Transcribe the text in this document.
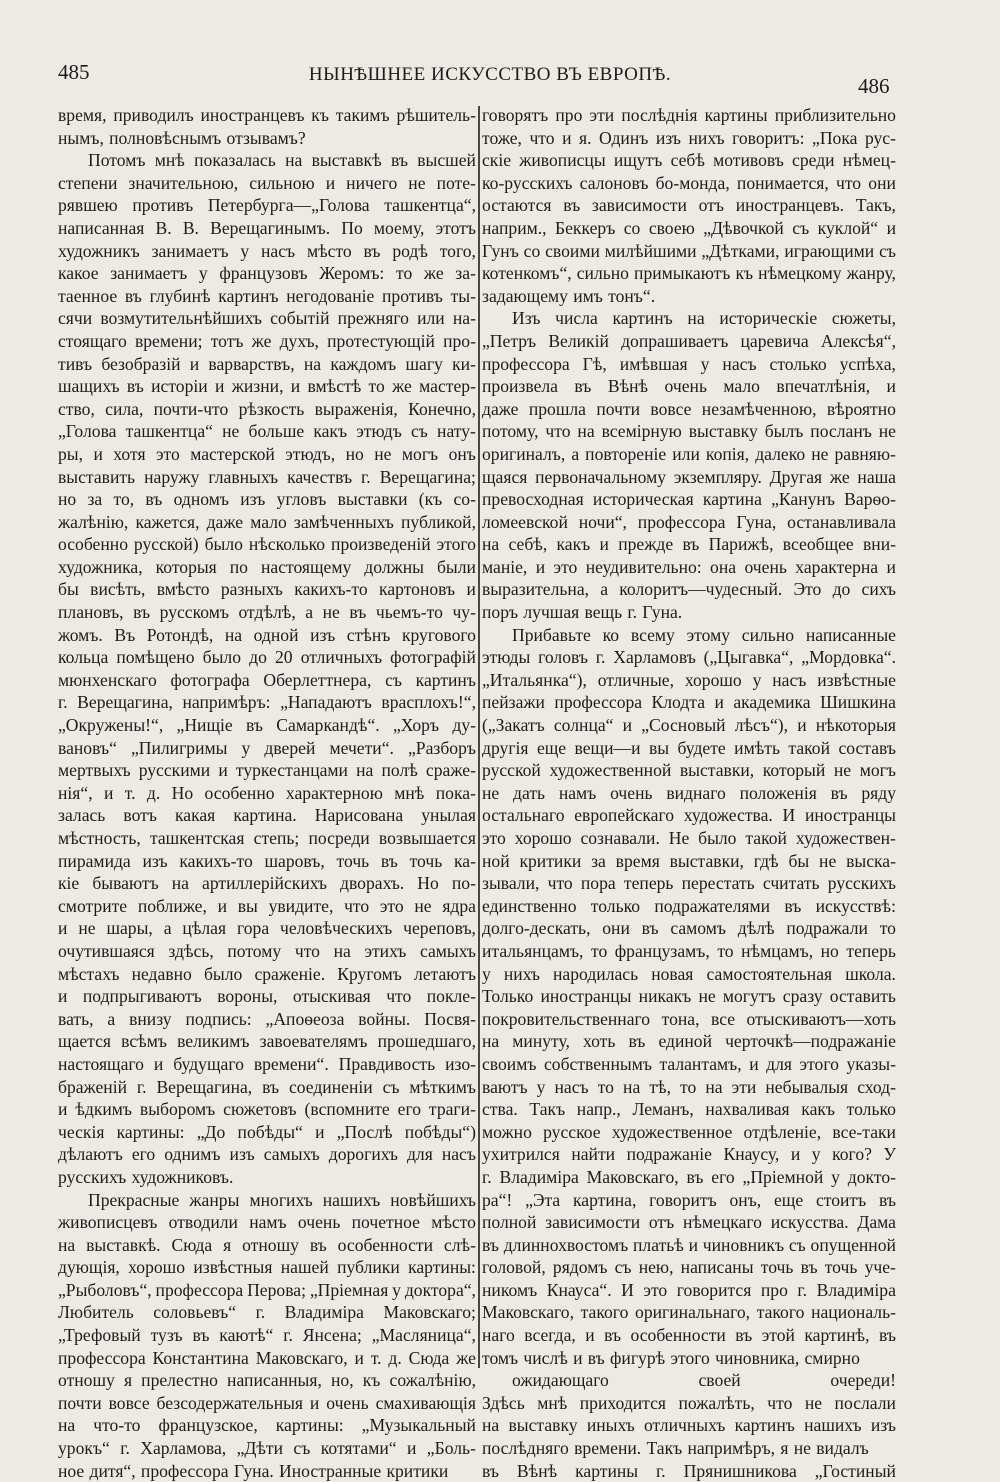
485	НЫНѢШНЕЕ ИСКУССТВО ВЪ ЕВРОПѢ.	486
время, приводилъ иностранцевъ къ такимъ рѣшитель-
нымъ, полновѣснымъ отзывамъ?
Потомъ мнѣ показалась на выставкѣ въ высшей
степени значительною, сильною и ничего не поте-
рявшею противъ Петербурга—„Голова ташкентца“,
написанная В. В. Верещагинымъ. По моему, этотъ
художникъ занимаетъ у насъ мѣсто въ родѣ того,
какое занимаетъ у французовъ Жеромъ: то же за-
таенное въ глубинѣ картинъ негодованіе противъ ты-
сячи возмутительнѣйшихъ событій прежняго или на-
стоящаго времени; тотъ же духъ, протестующій про-
тивъ безобразій и варварствъ, на каждомъ шагу ки-
шащихъ въ исторіи и жизни, и вмѣстѣ то же мастер-
ство, сила, почти-что рѣзкость выраженія, Конечно,
„Голова ташкентца“ не больше какъ этюдъ съ нату-
ры, и хотя это мастерской этюдъ, но не могъ онъ
выставить наружу главныхъ качествъ г. Верещагина;
но за то, въ одномъ изъ угловъ выставки (къ со-
жалѣнію, кажется, даже мало замѣченныхъ публикой,
особенно русской) было нѣсколько произведеній этого
художника, которыя по настоящему должны были
бы висѣть, вмѣсто разныхъ какихъ-то картоновъ и
плановъ, въ русскомъ отдѣлѣ, а не въ чьемъ-то чу-
жомъ. Въ Ротондѣ, на одной изъ стѣнъ кругового
кольца помѣщено было до 20 отличныхъ фотографій
мюнхенскаго фотографа Оберлеттнера, съ картинъ
г. Верещагина, напримѣръ: „Нападаютъ врасплохъ!“,
„Окружены!“, „Нищіе въ Самаркандѣ“. „Хоръ ду-
вановъ“ „Пилигримы у дверей мечети“. „Разборъ
мертвыхъ русскими и туркестанцами на полѣ сраже-
нія“, и т. д. Но особенно характерною мнѣ пока-
залась вотъ какая картина. Нарисована унылая
мѣстность, ташкентская степь; посреди возвышается
пирамида изъ какихъ-то шаровъ, точь въ точь ка-
кіе бываютъ на артиллерійскихъ дворахъ. Но по-
смотрите поближе, и вы увидите, что это не ядра
и не шары, а цѣлая гора человѣческихъ череповъ,
очутившаяся здѣсь, потому что на этихъ самыхъ
мѣстахъ недавно было сраженіе. Кругомъ летаютъ
и подпрыгиваютъ вороны, отыскивая что покле-
вать, а внизу подпись: „Апоѳеоза войны. Посвя-
щается всѣмъ великимъ завоевателямъ прошедшаго,
настоящаго и будущаго времени“. Правдивость изо-
браженій г. Верещагина, въ соединеніи съ мѣткимъ
и ѣдкимъ выборомъ сюжетовъ (вспомните его траги-
ческія картины: „До побѣды“ и „Послѣ побѣды“)
дѣлаютъ его однимъ изъ самыхъ дорогихъ для насъ
русскихъ художниковъ.
Прекрасные жанры многихъ нашихъ новѣйшихъ
живописцевъ отводили намъ очень почетное мѣсто
на выставкѣ. Сюда я отношу въ особенности слѣ-
дующія, хорошо извѣстныя нашей публики картины:
„Рыболовъ“, профессора Перова; „Пріемная у доктора“,
Любитель соловьевъ“ г. Владиміра Маковскаго;
„Трефовый тузъ въ каютѣ“ г. Янсена; „Масляница“,
профессора Константина Маковскаго, и т. д. Сюда же
отношу я прелестно написанныя, но, къ сожалѣнію,
почти вовсе безсодержательныя и очень смахивающія
на что-то французское, картины: „Музыкальный
урокъ“ г. Харламова, „Дѣти съ котятами“ и „Боль-
ное дитя“, профессора Гуна. Иностранные критики
говорятъ про эти послѣднія картины приблизительно
тоже, что и я. Одинъ изъ нихъ говоритъ: „Пока рус-
скіе живописцы ищутъ себѣ мотивовъ среди нѣмец-
ко-русскихъ салоновъ бо-монда, понимается, что они
остаются въ зависимости отъ иностранцевъ. Такъ,
наприм., Беккеръ со своею „Дѣвочкой съ куклой“ и
Гунъ со своими милѣйшими „Дѣтками, играющими съ
котенкомъ“, сильно примыкаютъ къ нѣмецкому жанру,
задающему имъ тонъ“.
Изъ числа картинъ на историческіе сюжеты,
„Петръ Великій допрашиваетъ царевича Алексѣя“,
профессора Гѣ, имѣвшая у насъ столько успѣха,
произвела въ Вѣнѣ очень мало впечатлѣнія, и
даже прошла почти вовсе незамѣченною, вѣроятно
потому, что на всемірную выставку былъ посланъ не
оригиналъ, а повтореніе или копія, далеко не равняю-
щаяся первоначальному экземпляру. Другая же наша
превосходная историческая картина „Канунъ Варѳо-
ломеевской ночи“, профессора Гуна, останавливала
на себѣ, какъ и прежде въ Парижѣ, всеобщее вни-
маніе, и это неудивительно: она очень характерна и
выразительна, а колоритъ—чудесный. Это до сихъ
поръ лучшая вещь г. Гуна.
Прибавьте ко всему этому сильно написанные
этюды головъ г. Харламовъ („Цыгавка“, „Мордовка“.
„Итальянка“), отличные, хорошо у насъ извѣстные
пейзажи профессора Клодта и академика Шишкина
(„Закатъ солнца“ и „Сосновый лѣсъ“), и нѣкоторыя
другія еще вещи—и вы будете имѣть такой составъ
русской художественной выставки, который не могъ
не дать намъ очень виднаго положенія въ ряду
остальнаго европейскаго художества. И иностранцы
это хорошо сознавали. Не было такой художествен-
ной критики за время выставки, гдѣ бы не выска-
зывали, что пора теперь перестать считать русскихъ
единственно только подражателями въ искусствѣ:
долго-дескать, они въ самомъ дѣлѣ подражали то
итальянцамъ, то французамъ, то нѣмцамъ, но теперь
у нихъ народилась новая самостоятельная школа.
Только иностранцы никакъ не могутъ сразу оставить
покровительственнаго тона, все отыскиваютъ—хоть
на минуту, хоть въ единой черточкѣ—подражаніе
своимъ собственнымъ талантамъ, и для этого указы-
ваютъ у насъ то на тѣ, то на эти небывалыя сход-
ства. Такъ напр., Леманъ, нахваливая какъ только
можно русское художественное отдѣленіе, все-таки
ухитрился найти подражаніе Кнаусу, и у кого? У
г. Владиміра Маковскаго, въ его „Пріемной у докто-
ра“! „Эта картина, говоритъ онъ, еще стоитъ въ
полной зависимости отъ нѣмецкаго искусства. Дама
въ длиннохвостомъ платьѣ и чиновникъ съ опущенной
головой, рядомъ съ нею, написаны точь въ точь уче-
никомъ Кнауса“. И это говорится про г. Владиміра
Маковскаго, такого оригинальнаго, такого националь-
наго всегда, и въ особенности въ этой картинѣ, въ
томъ числѣ и въ фигурѣ этого чиновника, смирно
ожидающаго	своей	очереди!
Здѣсь мнѣ приходится пожалѣть, что не послали
на выставку иныхъ отличныхъ картинъ нашихъ изъ
послѣдняго времени. Такъ напримѣръ, я не видалъ
въ Вѣнѣ картины г. Прянишникова „Гостиный
